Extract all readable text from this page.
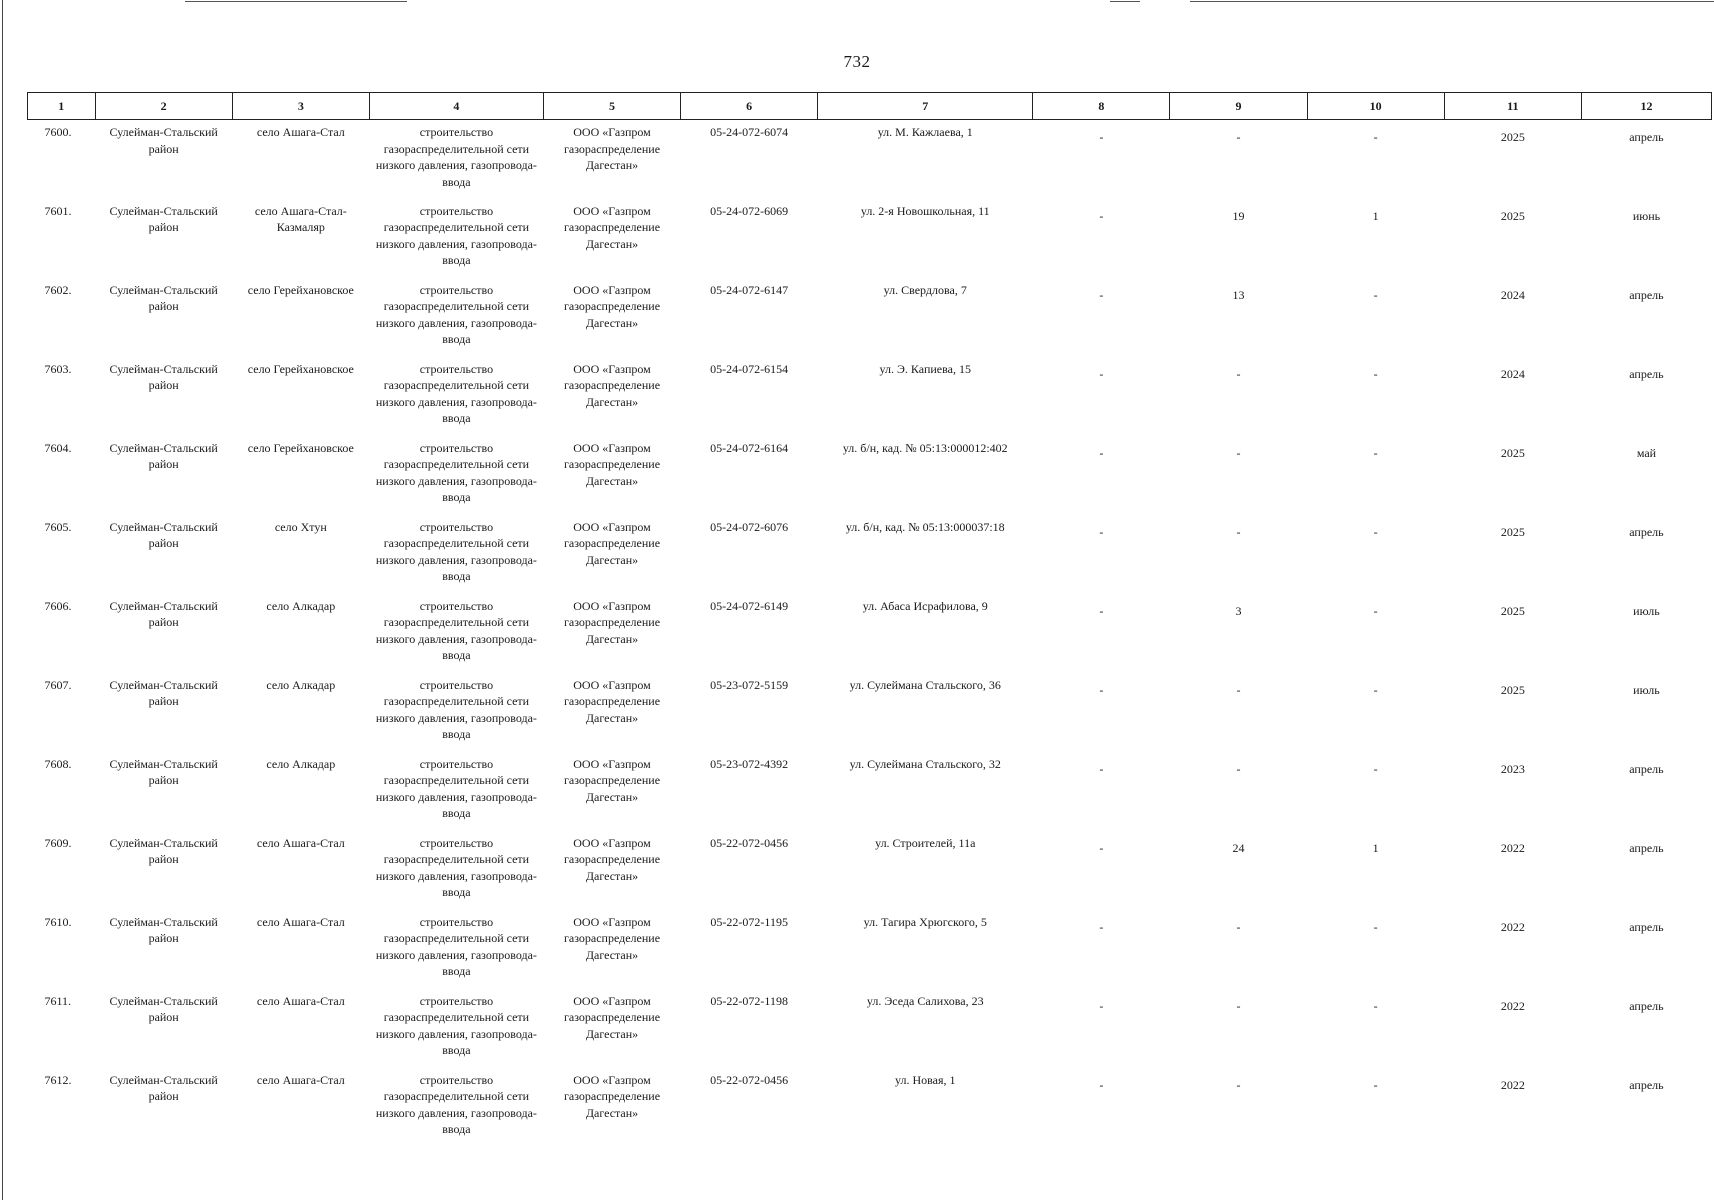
732
1	2	3	4	5	6	7	8	9	10	11	12
7600.	Сулейман-Стальский район	село Ашага-Стал	строительство газораспределительной сети низкого давления, газопровода-ввода	ООО «Газпром газораспределение Дагестан»	05-24-072-6074	ул. М. Кажлаева, 1	-	-	-	2025	апрель
7601.	Сулейман-Стальский район	село Ашага-Стал-Казмаляр	строительство газораспределительной сети низкого давления, газопровода-ввода	ООО «Газпром газораспределение Дагестан»	05-24-072-6069	ул. 2-я Новошкольная, 11	-	19	1	2025	июнь
7602.	Сулейман-Стальский район	село Герейхановское	строительство газораспределительной сети низкого давления, газопровода-ввода	ООО «Газпром газораспределение Дагестан»	05-24-072-6147	ул. Свердлова, 7	-	13	-	2024	апрель
7603.	Сулейман-Стальский район	село Герейхановское	строительство газораспределительной сети низкого давления, газопровода-ввода	ООО «Газпром газораспределение Дагестан»	05-24-072-6154	ул. Э. Капиева, 15	-	-	-	2024	апрель
7604.	Сулейман-Стальский район	село Герейхановское	строительство газораспределительной сети низкого давления, газопровода-ввода	ООО «Газпром газораспределение Дагестан»	05-24-072-6164	ул. б/н, кад. № 05:13:000012:402	-	-	-	2025	май
7605.	Сулейман-Стальский район	село Хтун	строительство газораспределительной сети низкого давления, газопровода-ввода	ООО «Газпром газораспределение Дагестан»	05-24-072-6076	ул. б/н, кад. № 05:13:000037:18	-	-	-	2025	апрель
7606.	Сулейман-Стальский район	село Алкадар	строительство газораспределительной сети низкого давления, газопровода-ввода	ООО «Газпром газораспределение Дагестан»	05-24-072-6149	ул. Абаса Исрафилова, 9	-	3	-	2025	июль
7607.	Сулейман-Стальский район	село Алкадар	строительство газораспределительной сети низкого давления, газопровода-ввода	ООО «Газпром газораспределение Дагестан»	05-23-072-5159	ул. Сулеймана Стальского, 36	-	-	-	2025	июль
7608.	Сулейман-Стальский район	село Алкадар	строительство газораспределительной сети низкого давления, газопровода-ввода	ООО «Газпром газораспределение Дагестан»	05-23-072-4392	ул. Сулеймана Стальского, 32	-	-	-	2023	апрель
7609.	Сулейман-Стальский район	село Ашага-Стал	строительство газораспределительной сети низкого давления, газопровода-ввода	ООО «Газпром газораспределение Дагестан»	05-22-072-0456	ул. Строителей, 11а	-	24	1	2022	апрель
7610.	Сулейман-Стальский район	село Ашага-Стал	строительство газораспределительной сети низкого давления, газопровода-ввода	ООО «Газпром газораспределение Дагестан»	05-22-072-1195	ул. Тагира Хрюгского, 5	-	-	-	2022	апрель
7611.	Сулейман-Стальский район	село Ашага-Стал	строительство газораспределительной сети низкого давления, газопровода-ввода	ООО «Газпром газораспределение Дагестан»	05-22-072-1198	ул. Эседа Салихова, 23	-	-	-	2022	апрель
7612.	Сулейман-Стальский район	село Ашага-Стал	строительство газораспределительной сети низкого давления, газопровода-ввода	ООО «Газпром газораспределение Дагестан»	05-22-072-0456	ул. Новая, 1	-	-	-	2022	апрель
